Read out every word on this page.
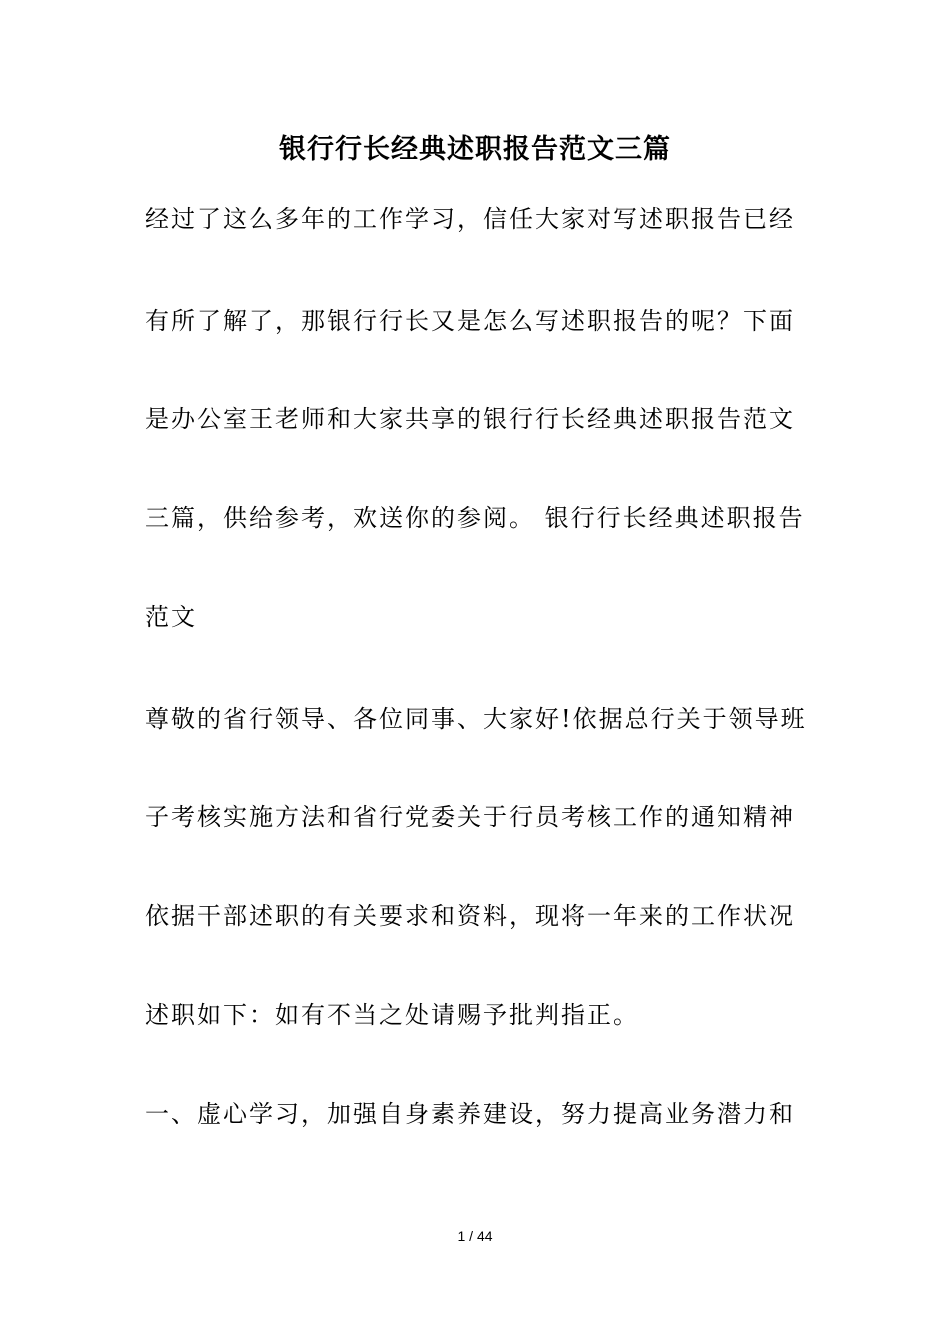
银行行长经典述职报告范文三篇
经过了这么多年的工作学习，信任大家对写述职报告已经
有所了解了，那银行行长又是怎么写述职报告的呢？下面
是办公室王老师和大家共享的银行行长经典述职报告范文
三篇，供给参考，欢送你的参阅。 银行行长经典述职报告
范文
尊敬的省行领导、各位同事、大家好!依据总行关于领导班
子考核实施方法和省行党委关于行员考核工作的通知精神
依据干部述职的有关要求和资料，现将一年来的工作状况
述职如下：如有不当之处请赐予批判指正。
一、虚心学习，加强自身素养建设，努力提高业务潜力和
1 / 44
